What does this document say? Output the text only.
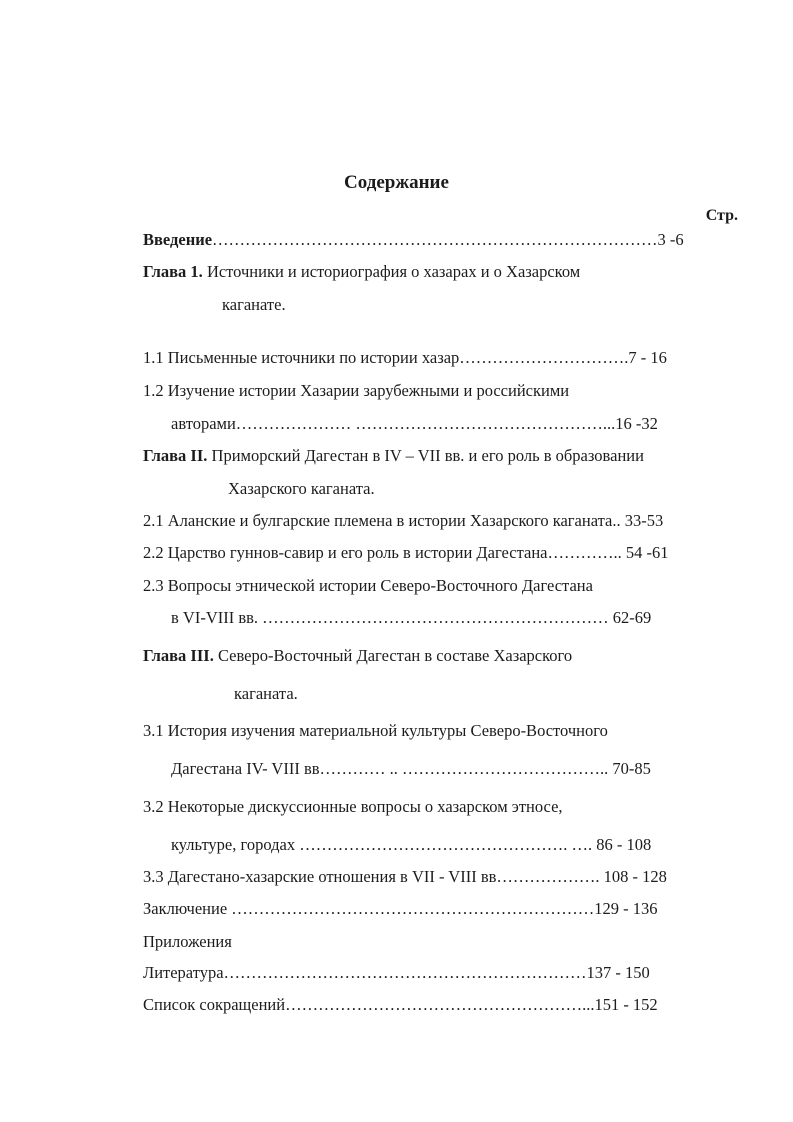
Содержание
Стр.
Введение………………………………………………………………………3 -6
Глава 1. Источники и историография о хазарах и о Хазарском
каганате.
1.1 Письменные источники по истории хазар………………………….7 - 16
1.2 Изучение истории Хазарии зарубежными и российскими
авторами………………… ………………………………………...16 -32
Глава II. Приморский Дагестан в IV – VII вв. и его роль в образовании
Хазарского каганата.
2.1 Аланские и булгарские племена в истории Хазарского каганата.. 33-53
2.2 Царство гуннов-савир и его роль в истории Дагестана………….. 54 -61
2.3 Вопросы этнической истории Северо-Восточного Дагестана
в VI-VIII вв. ……………………………………………………… 62-69
Глава III. Северо-Восточный Дагестан в составе Хазарского
каганата.
3.1 История изучения материальной культуры Северо-Восточного
Дагестана IV- VIII вв………… .. ……………………………….. 70-85
3.2 Некоторые дискуссионные вопросы о хазарском этносе,
культуре, городах …………………………………………. …. 86 - 108
3.3 Дагестано-хазарские отношения в VII - VIII вв………………. 108 - 128
Заключение …………………………………………………………129 - 136
Приложения
Литература…………………………………………………………137 - 150
Список сокращений………………………………………………...151 - 152
